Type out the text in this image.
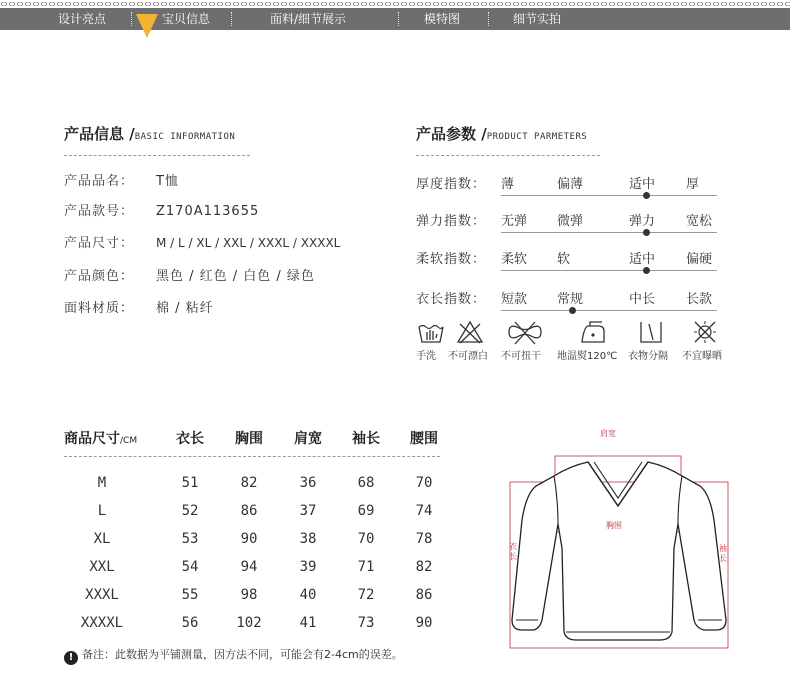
设计亮点	宝贝信息	面料/细节展示	模特图	细节实拍
产品信息 /BASIC INFORMATION
产品品名： T恤
产品款号： Z170A113655
产品尺寸： M / L / XL / XXL / XXXL / XXXXL
产品颜色： 黑色 / 红色 / 白色 / 绿色
面料材质： 棉 / 粘纤
产品参数 /PRODUCT PARMETERS
厚度指数： 薄	偏薄	适中 厚
弹力指数： 无弹 微弹	弹力 宽松
柔软指数： 柔软 软	适中 偏硬
衣长指数： 短款 常规	中长 长款
手洗 不可漂白 不可扭干 地温熨120℃ 衣物分隔 不宜曝晒
商品尺寸/CM	衣长	胸围	肩宽	袖长	腰围
M	51	82	36	68	70
L	52	86	37	69	74
XL	53	90	38	70	78
XXL	54	94	39	71	82
XXXL	55	98	40	72	86
XXXXL	56	102	41	73	90
! 备注：此数据为平铺测量，因方法不同，可能会有2-4cm的误差。
肩宽
胸围
衣长
袖长
